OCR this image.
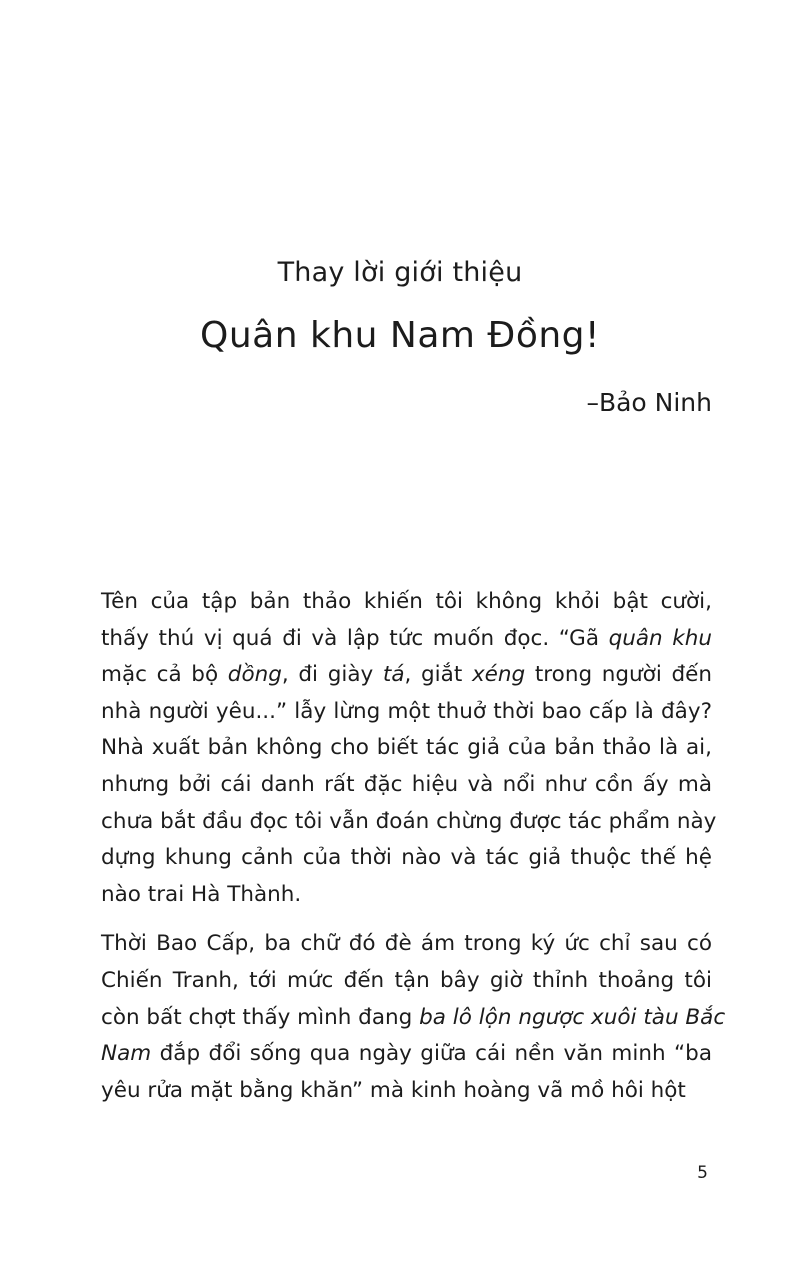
Thay lời giới thiệu
Quân khu Nam Đồng!
–Bảo Ninh

Tên của tập bản thảo khiến tôi không khỏi bật cười,
thấy thú vị quá đi và lập tức muốn đọc. “Gã quân khu
mặc cả bộ dồng, đi giày tá, giắt xéng trong người đến
nhà người yêu...” lẫy lừng một thuở thời bao cấp là đây?
Nhà xuất bản không cho biết tác giả của bản thảo là ai,
nhưng bởi cái danh rất đặc hiệu và nổi như cồn ấy mà
chưa bắt đầu đọc tôi vẫn đoán chừng được tác phẩm này
dựng khung cảnh của thời nào và tác giả thuộc thế hệ
nào trai Hà Thành.

Thời Bao Cấp, ba chữ đó đè ám trong ký ức chỉ sau có
Chiến Tranh, tới mức đến tận bây giờ thỉnh thoảng tôi
còn bất chợt thấy mình đang ba lô lộn ngược xuôi tàu Bắc
Nam đắp đổi sống qua ngày giữa cái nền văn minh “ba
yêu rửa mặt bằng khăn” mà kinh hoàng vã mồ hôi hột

5
